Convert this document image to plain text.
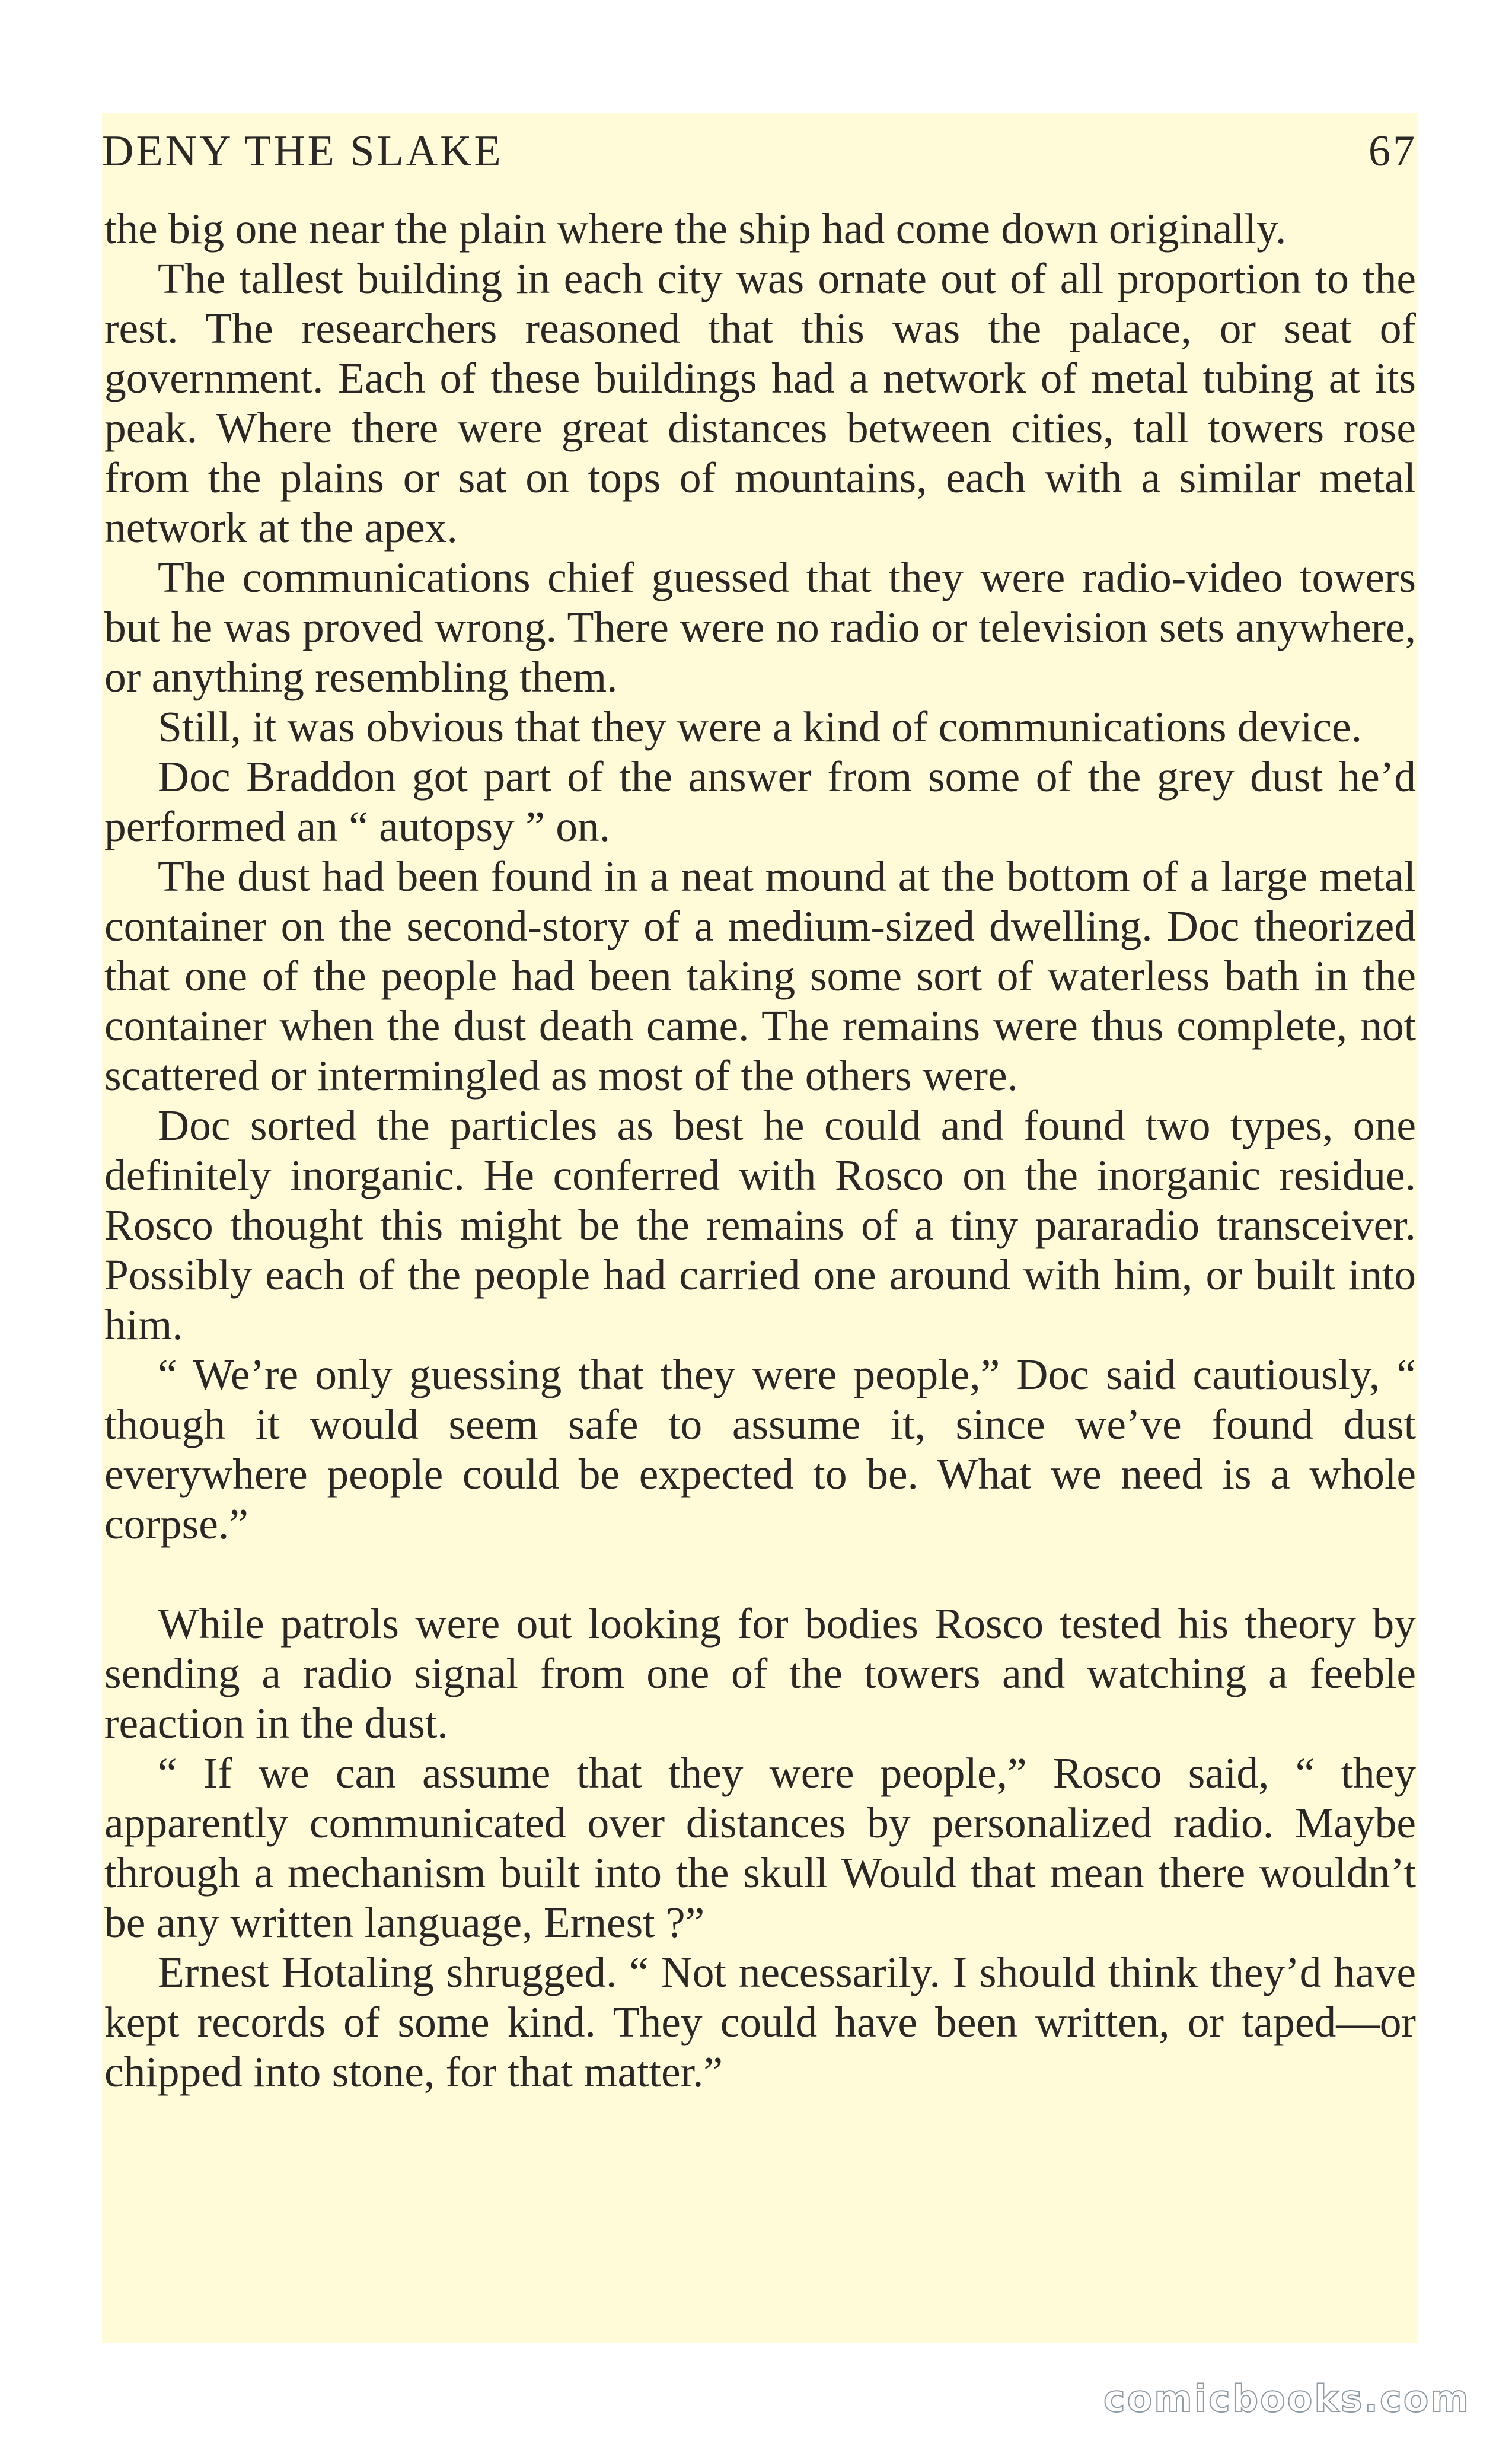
DENY THE SLAKE	67

the big one near the plain where the ship had come down originally.

The tallest building in each city was ornate out of all proportion to the rest. The researchers reasoned that this was the palace, or seat of government. Each of these buildings had a network of metal tubing at its peak. Where there were great distances between cities, tall towers rose from the plains or sat on tops of mountains, each with a similar metal network at the apex.

The communications chief guessed that they were radio-video towers but he was proved wrong. There were no radio or television sets anywhere, or anything resembling them.

Still, it was obvious that they were a kind of communications device.

Doc Braddon got part of the answer from some of the grey dust he’d performed an “ autopsy ” on.

The dust had been found in a neat mound at the bottom of a large metal container on the second-story of a medium-sized dwelling. Doc theorized that one of the people had been taking some sort of waterless bath in the container when the dust death came. The remains were thus complete, not scattered or intermingled as most of the others were.

Doc sorted the particles as best he could and found two types, one definitely inorganic. He conferred with Rosco on the inorganic residue. Rosco thought this might be the remains of a tiny pararadio transceiver. Possibly each of the people had carried one around with him, or built into him.

“ We’re only guessing that they were people,” Doc said cautiously, “ though it would seem safe to assume it, since we’ve found dust everywhere people could be expected to be. What we need is a whole corpse.”

While patrols were out looking for bodies Rosco tested his theory by sending a radio signal from one of the towers and watching a feeble reaction in the dust.

“ If we can assume that they were people,” Rosco said, “ they apparently communicated over distances by personalized radio. Maybe through a mechanism built into the skull Would that mean there wouldn’t be any written language, Ernest ?”

Ernest Hotaling shrugged. “ Not necessarily. I should think they’d have kept records of some kind. They could have been written, or taped—or chipped into stone, for that matter.”

comicbooks.com
